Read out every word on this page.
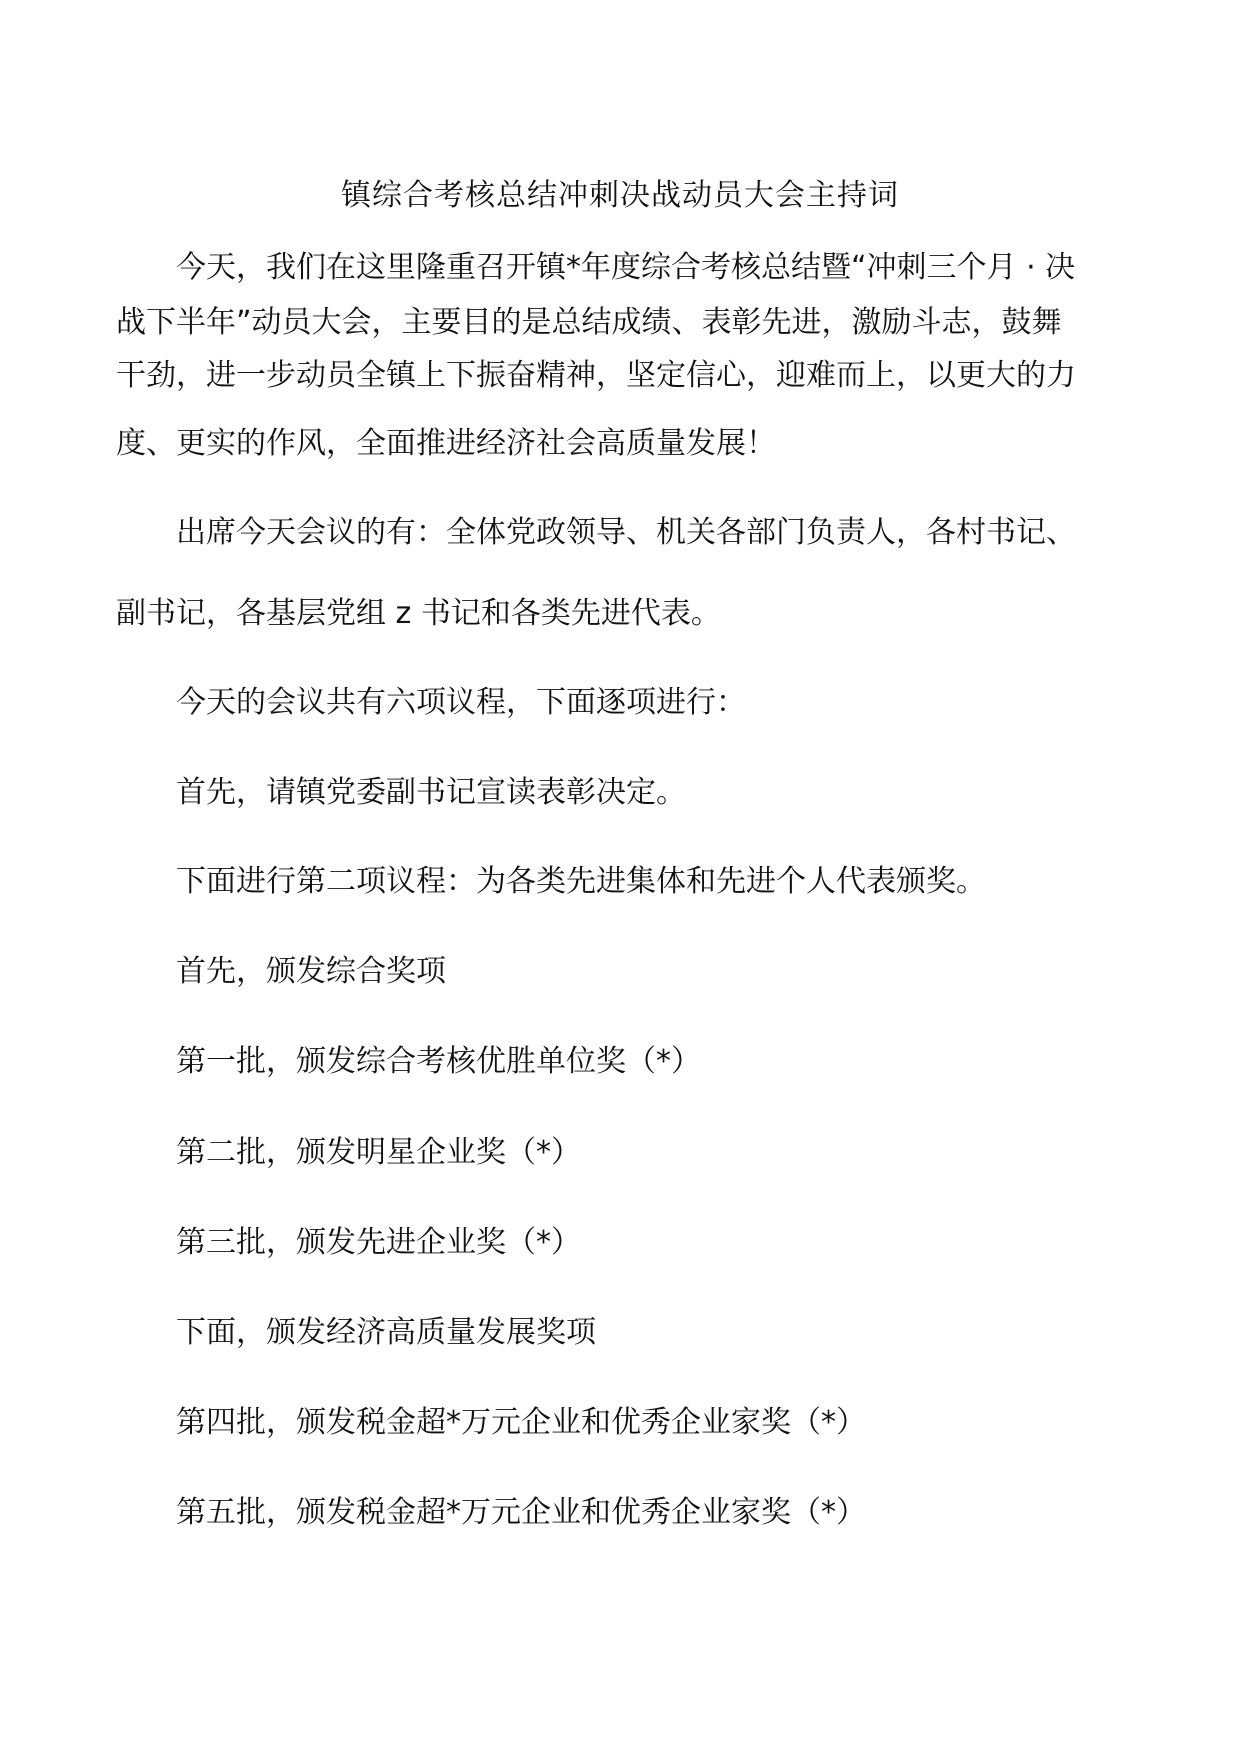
镇综合考核总结冲刺决战动员大会主持词
今天，我们在这里隆重召开镇*年度综合考核总结暨“冲刺三个月 · 决
战下半年”动员大会，主要目的是总结成绩、表彰先进，激励斗志，鼓舞
干劲，进一步动员全镇上下振奋精神，坚定信心，迎难而上，以更大的力
度、更实的作风，全面推进经济社会高质量发展！
出席今天会议的有：全体党政领导、机关各部门负责人，各村书记、
副书记，各基层党组 z 书记和各类先进代表。
今天的会议共有六项议程，下面逐项进行：
首先，请镇党委副书记宣读表彰决定。
下面进行第二项议程：为各类先进集体和先进个人代表颁奖。
首先，颁发综合奖项
第一批，颁发综合考核优胜单位奖（*）
第二批，颁发明星企业奖（*）
第三批，颁发先进企业奖（*）
下面，颁发经济高质量发展奖项
第四批，颁发税金超*万元企业和优秀企业家奖（*）
第五批，颁发税金超*万元企业和优秀企业家奖（*）
